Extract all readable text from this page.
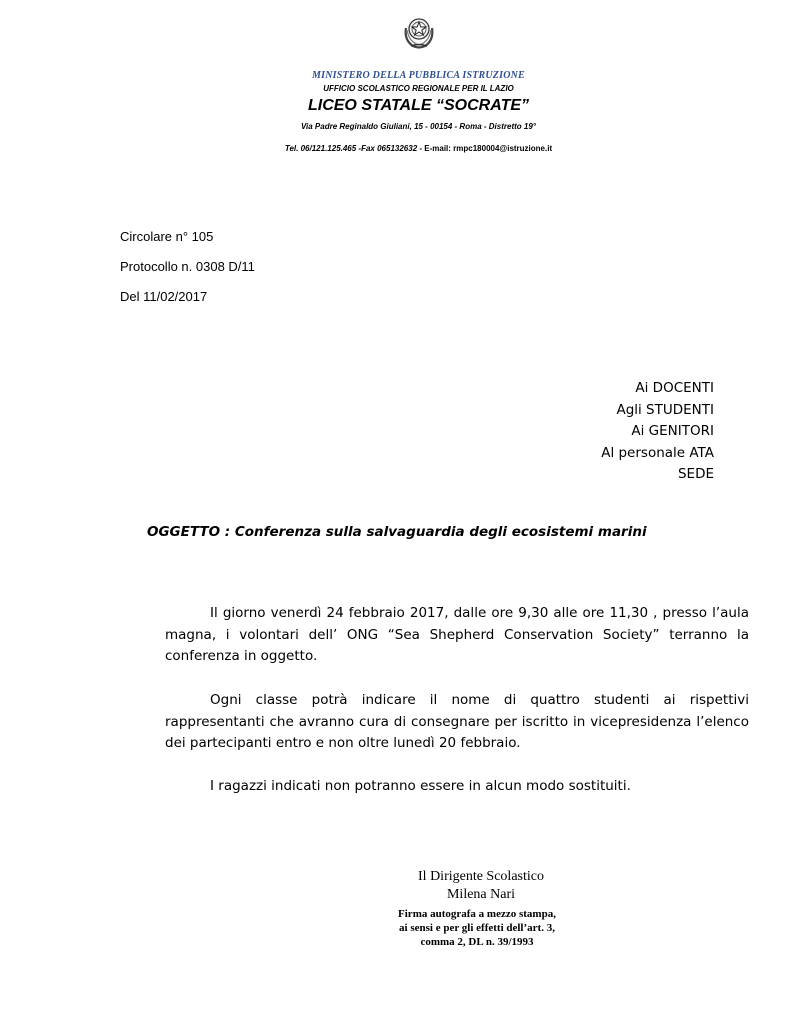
MINISTERO DELLA PUBBLICA ISTRUZIONE
UFFICIO SCOLASTICO REGIONALE PER IL LAZIO
LICEO STATALE “SOCRATE”
Via Padre Reginaldo Giuliani, 15 - 00154 - Roma - Distretto 19°
Tel. 06/121.125.465 -Fax 065132632 - E-mail: rmpc180004@istruzione.it
Circolare n° 105
Protocollo n. 0308 D/11
Del 11/02/2017
Ai DOCENTI
Agli STUDENTI
Ai GENITORI
Al personale ATA
SEDE
OGGETTO : Conferenza sulla salvaguardia degli ecosistemi marini

Il giorno venerdì 24 febbraio 2017, dalle ore 9,30 alle ore 11,30 , presso l’aula magna, i volontari dell’ ONG “Sea Shepherd Conservation Society” terranno la conferenza in oggetto.

Ogni classe potrà indicare il nome di quattro studenti ai rispettivi rappresentanti che avranno cura di consegnare per iscritto in vicepresidenza l’elenco dei partecipanti entro e non oltre lunedì 20 febbraio.

I ragazzi indicati non potranno essere in alcun modo sostituiti.

Il Dirigente Scolastico
Milena Nari
Firma autografa a mezzo stampa,
ai sensi e per gli effetti dell’art. 3,
comma 2, DL n. 39/1993
